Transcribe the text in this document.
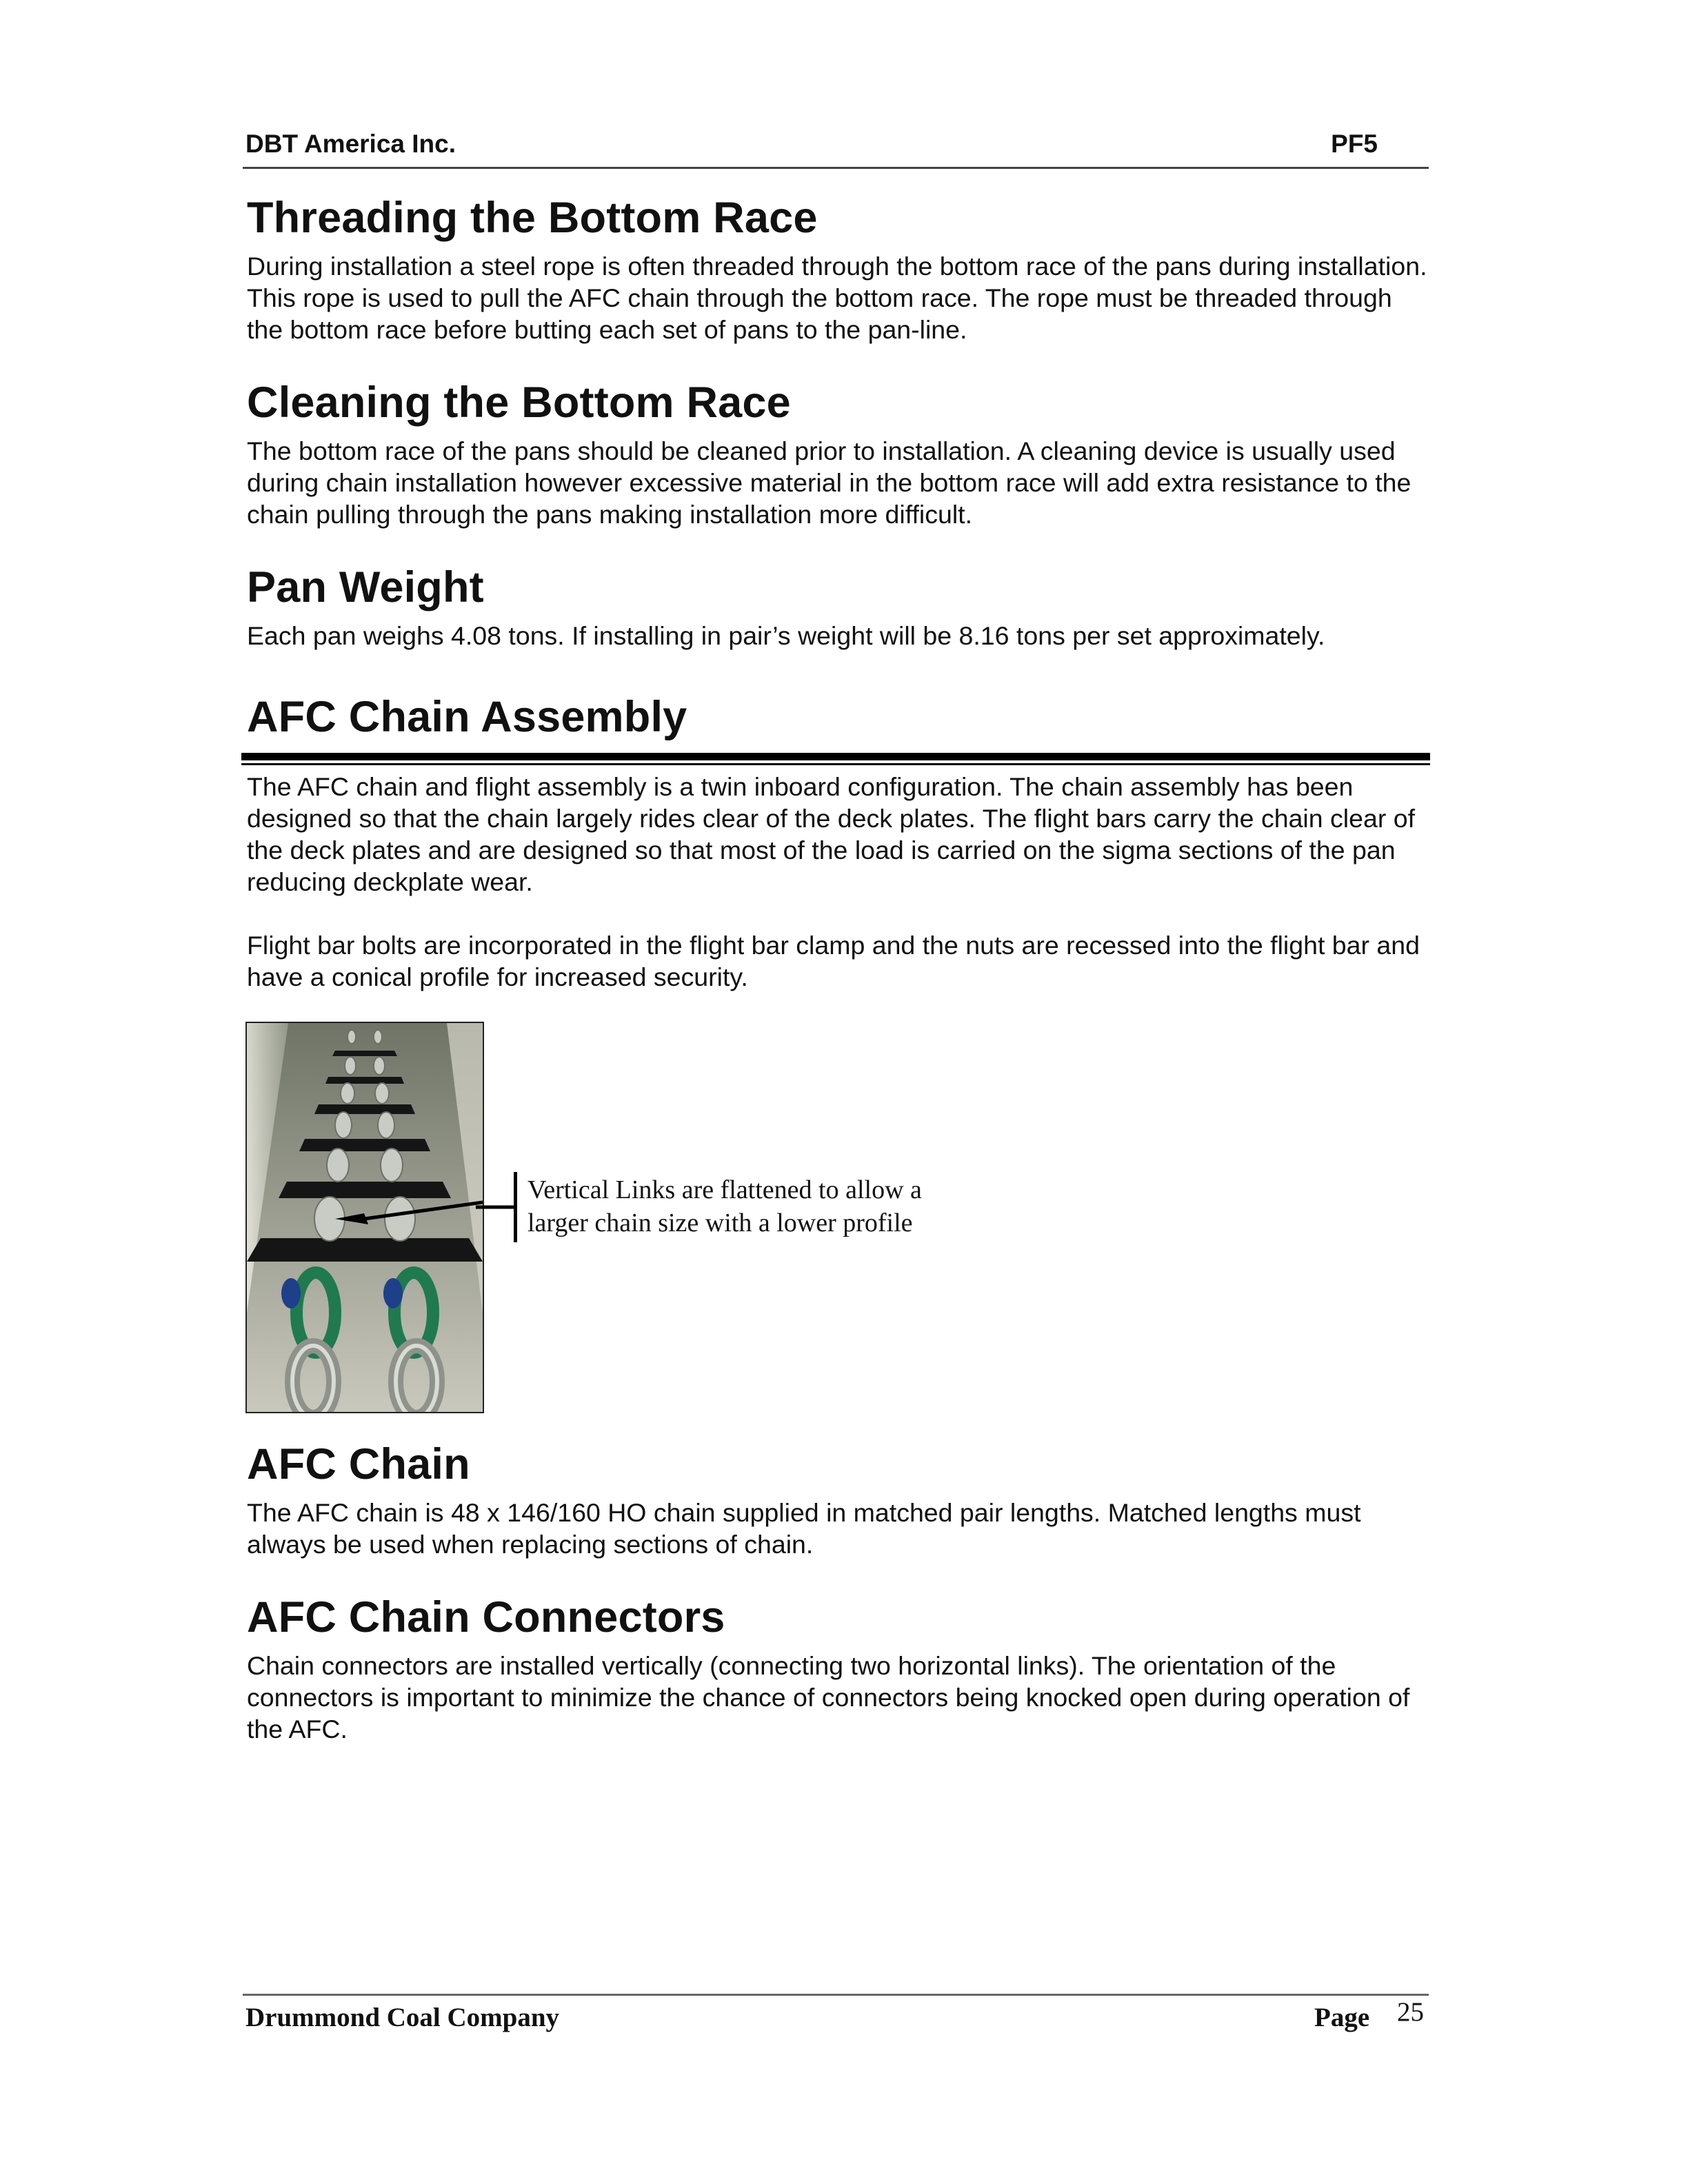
DBT America Inc.	PF5
Threading the Bottom Race

During installation a steel rope is often threaded through the bottom race of the pans during installation. This rope is used to pull the AFC chain through the bottom race. The rope must be threaded through the bottom race before butting each set of pans to the pan-line.

Cleaning the Bottom Race

The bottom race of the pans should be cleaned prior to installation. A cleaning device is usually used during chain installation however excessive material in the bottom race will add extra resistance to the chain pulling through the pans making installation more difficult.

Pan Weight

Each pan weighs 4.08 tons. If installing in pair’s weight will be 8.16 tons per set approximately.

AFC Chain Assembly

The AFC chain and flight assembly is a twin inboard configuration. The chain assembly has been designed so that the chain largely rides clear of the deck plates. The flight bars carry the chain clear of the deck plates and are designed so that most of the load is carried on the sigma sections of the pan reducing deckplate wear.

Flight bar bolts are incorporated in the flight bar clamp and the nuts are recessed into the flight bar and have a conical profile for increased security.

Vertical Links are flattened to allow a
larger chain size with a lower profile
AFC Chain

The AFC chain is 48 x 146/160 HO chain supplied in matched pair lengths. Matched lengths must always be used when replacing sections of chain.

AFC Chain Connectors

Chain connectors are installed vertically (connecting two horizontal links). The orientation of the connectors is important to minimize the chance of connectors being knocked open during operation of the AFC.

Drummond Coal Company	Page 25
